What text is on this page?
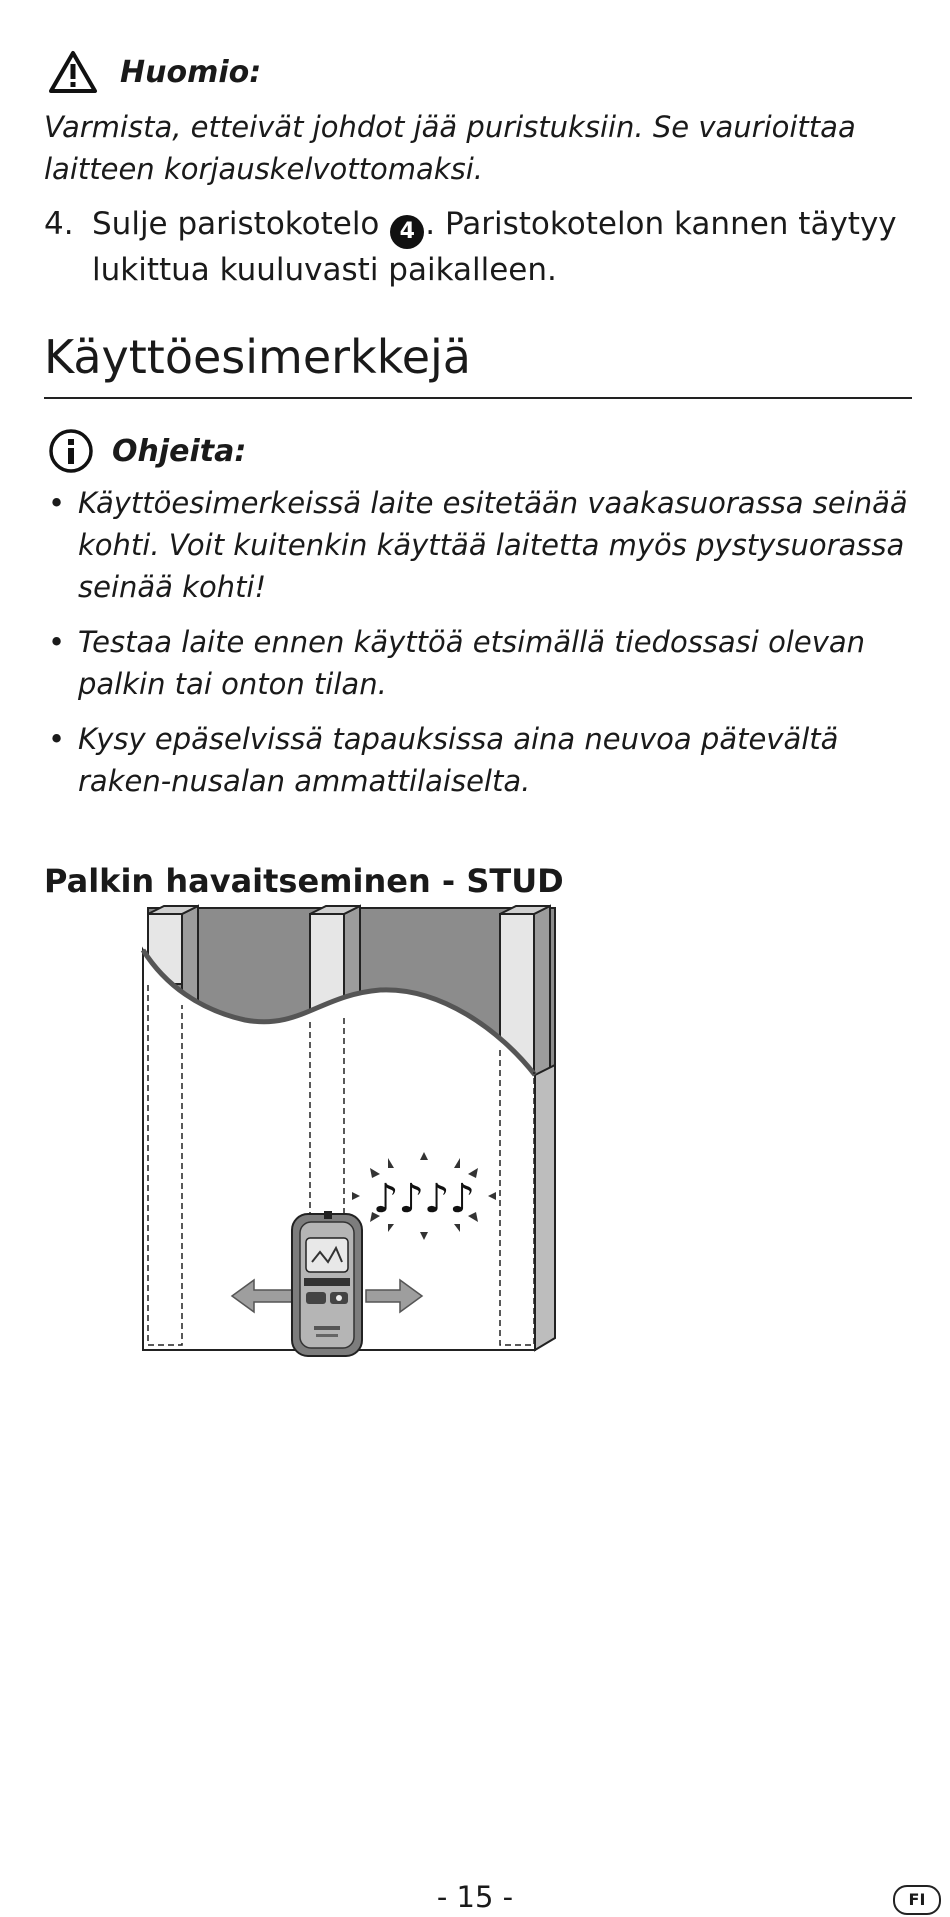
Huomio:
Varmista, etteivät johdot jää puristuksiin. Se vaurioittaa laitteen korjauskelvottomaksi.
4. Sulje paristokotelo 4 . Paristokotelon kannen täytyy lukittua kuuluvasti paikalleen.
Käyttöesimerkkejä
Ohjeita:
• Käyttöesimerkeissä laite esitetään vaakasuorassa seinää kohti. Voit kuitenkin käyttää laitetta myös pystysuorassa seinää kohti!
• Testaa laite ennen käyttöä etsimällä tiedossasi olevan palkin tai onton tilan.
• Kysy epäselvissä tapauksissa aina neuvoa pätevältä raken-nusalan ammattilaiselta.
Palkin havaitseminen - STUD
♪♪♪♪
- 15 -	FI
